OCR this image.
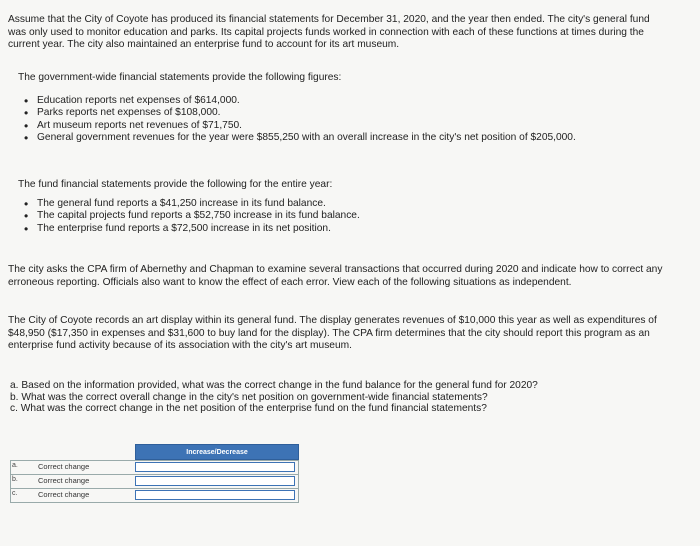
Assume that the City of Coyote has produced its financial statements for December 31, 2020, and the year then ended. The city's general fund was only used to monitor education and parks. Its capital projects funds worked in connection with each of these functions at times during the current year. The city also maintained an enterprise fund to account for its art museum.

The government-wide financial statements provide the following figures:

• Education reports net expenses of $614,000.
• Parks reports net expenses of $108,000.
• Art museum reports net revenues of $71,750.
• General government revenues for the year were $855,250 with an overall increase in the city's net position of $205,000.

The fund financial statements provide the following for the entire year:

• The general fund reports a $41,250 increase in its fund balance.
• The capital projects fund reports a $52,750 increase in its fund balance.
• The enterprise fund reports a $72,500 increase in its net position.

The city asks the CPA firm of Abernethy and Chapman to examine several transactions that occurred during 2020 and indicate how to correct any erroneous reporting. Officials also want to know the effect of each error. View each of the following situations as independent.

The City of Coyote records an art display within its general fund. The display generates revenues of $10,000 this year as well as expenditures of $48,950 ($17,350 in expenses and $31,600 to buy land for the display). The CPA firm determines that the city should report this program as an enterprise fund activity because of its association with the city's art museum.

a. Based on the information provided, what was the correct change in the fund balance for the general fund for 2020?
b. What was the correct overall change in the city's net position on government-wide financial statements?
c. What was the correct change in the net position of the enterprise fund on the fund financial statements?
Increase/Decrease
a.	Correct change
b.	Correct change
c.	Correct change
